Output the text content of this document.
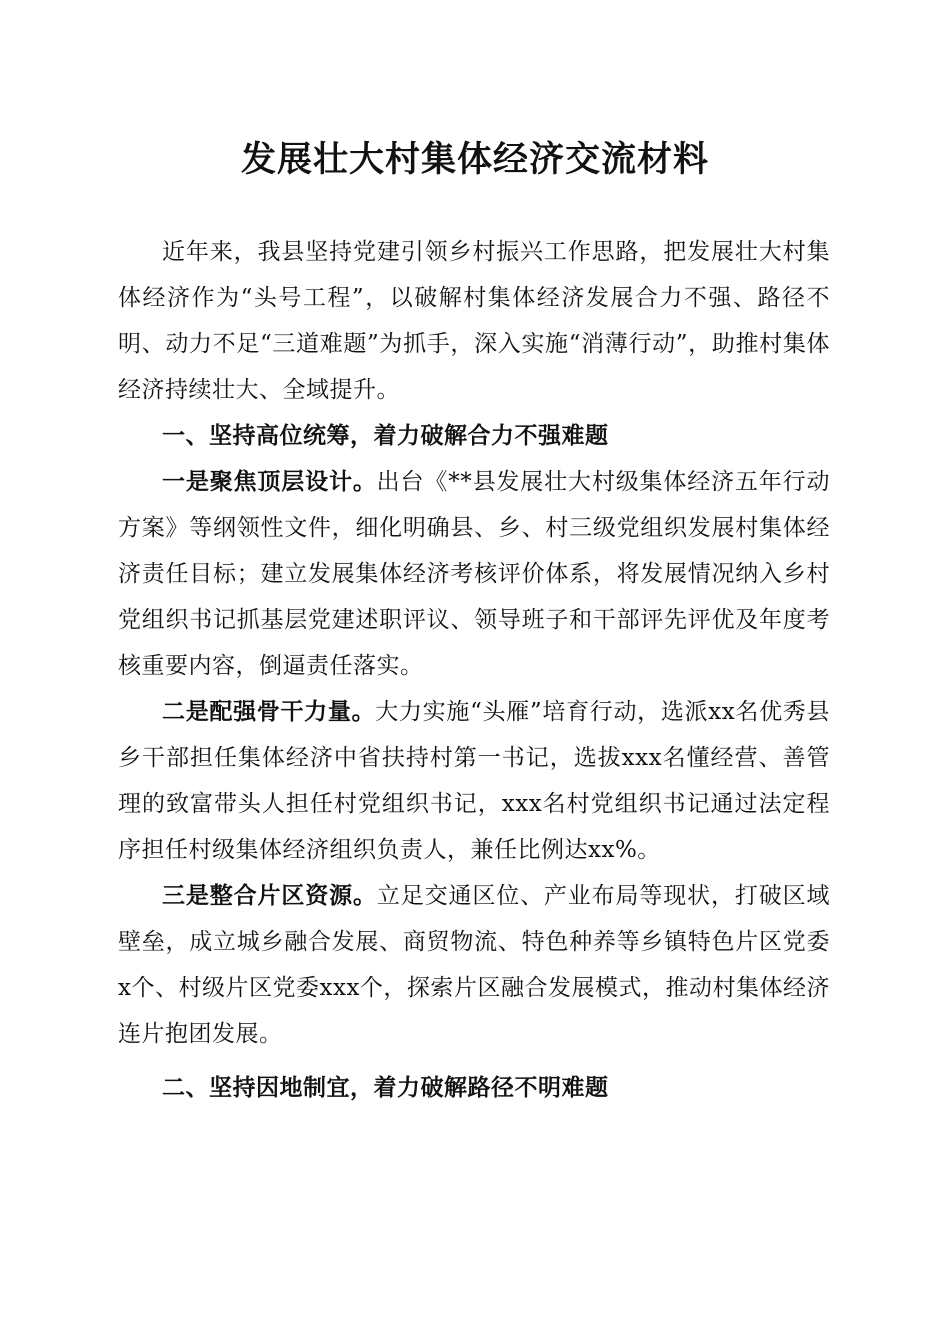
发展壮大村集体经济交流材料

近年来，我县坚持党建引领乡村振兴工作思路，把发展壮大村集体经济作为“头号工程”，以破解村集体经济发展合力不强、路径不明、动力不足“三道难题”为抓手，深入实施“消薄行动”，助推村集体经济持续壮大、全域提升。

一、坚持高位统筹，着力破解合力不强难题

一是聚焦顶层设计。出台《**县发展壮大村级集体经济五年行动方案》等纲领性文件，细化明确县、乡、村三级党组织发展村集体经济责任目标；建立发展集体经济考核评价体系，将发展情况纳入乡村党组织书记抓基层党建述职评议、领导班子和干部评先评优及年度考核重要内容，倒逼责任落实。

二是配强骨干力量。大力实施“头雁”培育行动，选派xx名优秀县乡干部担任集体经济中省扶持村第一书记，选拔xxx名懂经营、善管理的致富带头人担任村党组织书记，xxx名村党组织书记通过法定程序担任村级集体经济组织负责人，兼任比例达xx%。

三是整合片区资源。立足交通区位、产业布局等现状，打破区域壁垒，成立城乡融合发展、商贸物流、特色种养等乡镇特色片区党委x个、村级片区党委xxx个，探索片区融合发展模式，推动村集体经济连片抱团发展。

二、坚持因地制宜，着力破解路径不明难题
